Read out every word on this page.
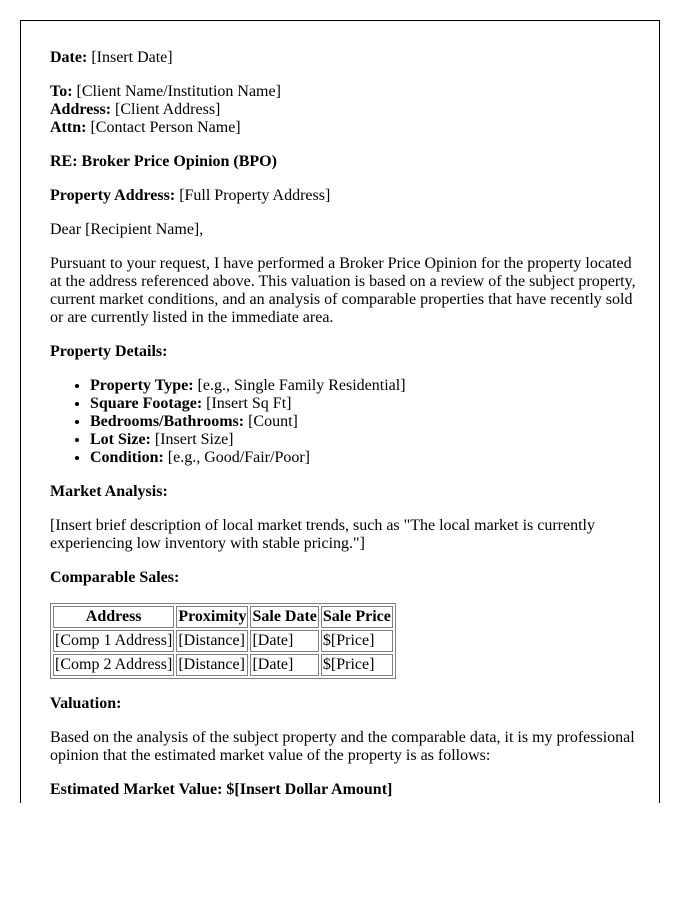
Date: [Insert Date]

To: [Client Name/Institution Name]
Address: [Client Address]
Attn: [Contact Person Name]

RE: Broker Price Opinion (BPO)

Property Address: [Full Property Address]

Dear [Recipient Name],

Pursuant to your request, I have performed a Broker Price Opinion for the property located at the address referenced above. This valuation is based on a review of the subject property, current market conditions, and an analysis of comparable properties that have recently sold or are currently listed in the immediate area.

Property Details:

• Property Type: [e.g., Single Family Residential]
• Square Footage: [Insert Sq Ft]
• Bedrooms/Bathrooms: [Count]
• Lot Size: [Insert Size]
• Condition: [e.g., Good/Fair/Poor]

Market Analysis:

[Insert brief description of local market trends, such as "The local market is currently experiencing low inventory with stable pricing."]

Comparable Sales:

Address	Proximity	Sale Date	Sale Price
[Comp 1 Address]	[Distance]	[Date]	$[Price]
[Comp 2 Address]	[Distance]	[Date]	$[Price]

Valuation:

Based on the analysis of the subject property and the comparable data, it is my professional opinion that the estimated market value of the property is as follows:

Estimated Market Value: $[Insert Dollar Amount]
